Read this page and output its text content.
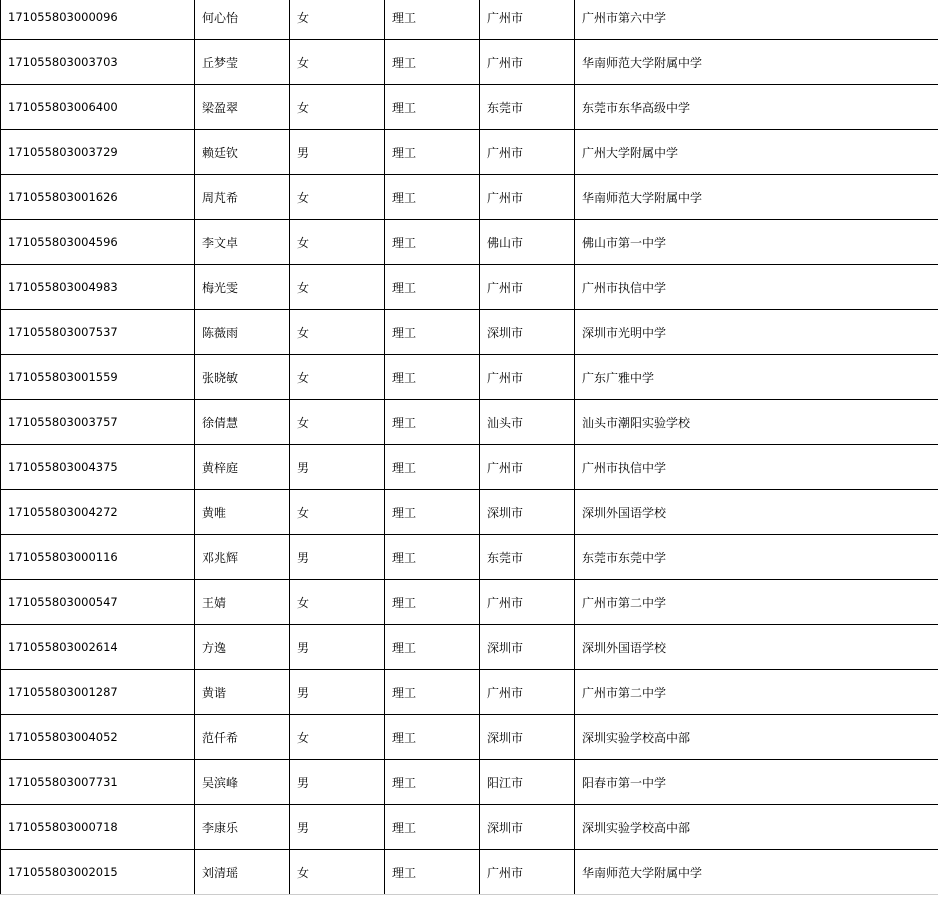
171055803000096	何心怡	女	理工	广州市	广州市第六中学
171055803003703	丘梦莹	女	理工	广州市	华南师范大学附属中学
171055803006400	梁盈翠	女	理工	东莞市	东莞市东华高级中学
171055803003729	赖廷钦	男	理工	广州市	广州大学附属中学
171055803001626	周芃希	女	理工	广州市	华南师范大学附属中学
171055803004596	李文卓	女	理工	佛山市	佛山市第一中学
171055803004983	梅光雯	女	理工	广州市	广州市执信中学
171055803007537	陈薇雨	女	理工	深圳市	深圳市光明中学
171055803001559	张晓敏	女	理工	广州市	广东广雅中学
171055803003757	徐倩慧	女	理工	汕头市	汕头市潮阳实验学校
171055803004375	黄梓庭	男	理工	广州市	广州市执信中学
171055803004272	黄唯	女	理工	深圳市	深圳外国语学校
171055803000116	邓兆辉	男	理工	东莞市	东莞市东莞中学
171055803000547	王婧	女	理工	广州市	广州市第二中学
171055803002614	方逸	男	理工	深圳市	深圳外国语学校
171055803001287	黄谐	男	理工	广州市	广州市第二中学
171055803004052	范仟希	女	理工	深圳市	深圳实验学校高中部
171055803007731	吴滨峰	男	理工	阳江市	阳春市第一中学
171055803000718	李康乐	男	理工	深圳市	深圳实验学校高中部
171055803002015	刘清瑶	女	理工	广州市	华南师范大学附属中学
